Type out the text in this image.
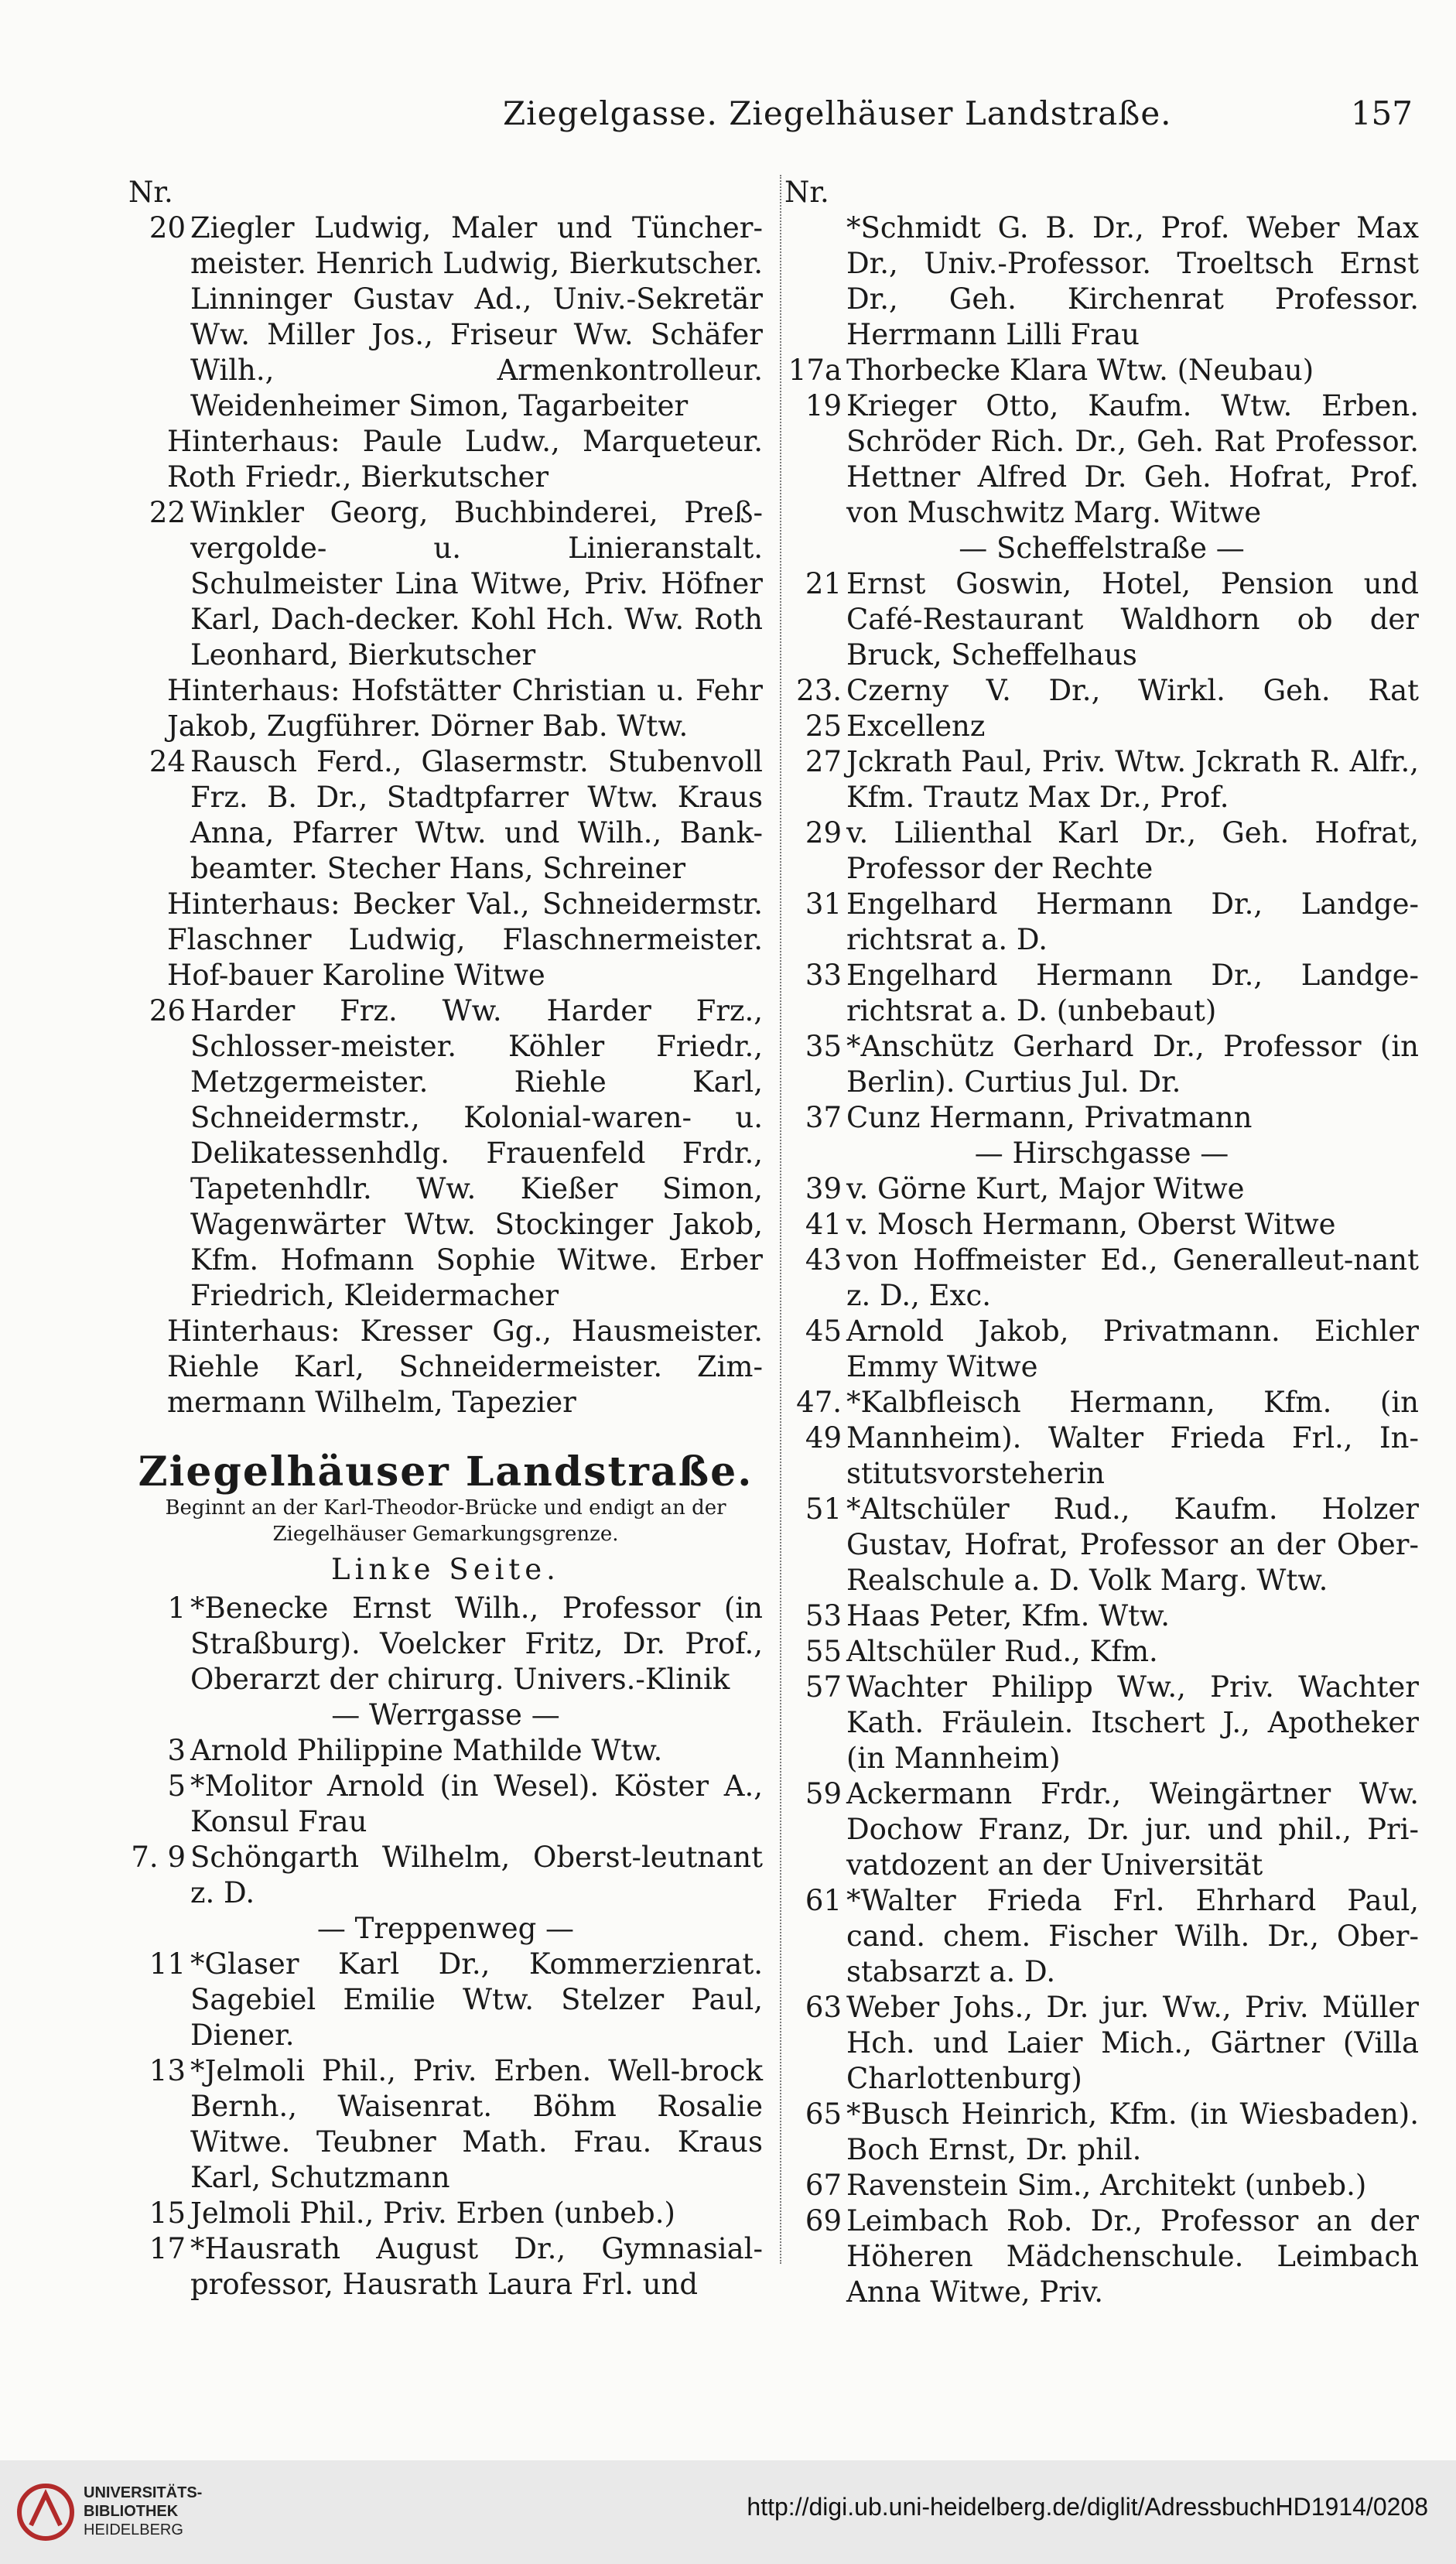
Ziegelgasse. Ziegelhäuser Landstraße.	157
Nr.
20 Ziegler Ludwig, Maler und Tüncher-meister. Henrich Ludwig, Bierkutscher. Linninger Gustav Ad., Univ.-Sekretär Ww. Miller Jos., Friseur Ww. Schäfer Wilh., Armenkontrolleur. Weidenheimer Simon, Tagarbeiter
Hinterhaus: Paule Ludw., Marqueteur. Roth Friedr., Bierkutscher
22 Winkler Georg, Buchbinderei, Preß-vergolde- u. Linieranstalt. Schulmeister Lina Witwe, Priv. Höfner Karl, Dach-decker. Kohl Hch. Ww. Roth Leonhard, Bierkutscher
Hinterhaus: Hofstätter Christian u. Fehr Jakob, Zugführer. Dörner Bab. Wtw.
24 Rausch Ferd., Glasermstr. Stubenvoll Frz. B. Dr., Stadtpfarrer Wtw. Kraus Anna, Pfarrer Wtw. und Wilh., Bank-beamter. Stecher Hans, Schreiner
Hinterhaus: Becker Val., Schneidermstr. Flaschner Ludwig, Flaschnermeister. Hof-bauer Karoline Witwe
26 Harder Frz. Ww. Harder Frz., Schlosser-meister. Köhler Friedr., Metzgermeister. Riehle Karl, Schneidermstr., Kolonial-waren- u. Delikatessenhdlg. Frauenfeld Frdr., Tapetenhdlr. Ww. Kießer Simon, Wagenwärter Wtw. Stockinger Jakob, Kfm. Hofmann Sophie Witwe. Erber Friedrich, Kleidermacher
Hinterhaus: Kresser Gg., Hausmeister. Riehle Karl, Schneidermeister. Zim-mermann Wilhelm, Tapezier
Ziegelhäuser Landstraße.
Beginnt an der Karl-Theodor-Brücke und endigt an der Ziegelhäuser Gemarkungsgrenze.
Linke Seite.
1 *Benecke Ernst Wilh., Professor (in Straßburg). Voelcker Fritz, Dr. Prof., Oberarzt der chirurg. Univers.-Klinik
— Werrgasse —
3 Arnold Philippine Mathilde Wtw.
5 *Molitor Arnold (in Wesel). Köster A., Konsul Frau
7. 9 Schöngarth Wilhelm, Oberst-leutnant z. D.
— Treppenweg —
11 *Glaser Karl Dr., Kommerzienrat. Sagebiel Emilie Wtw. Stelzer Paul, Diener.
13 *Jelmoli Phil., Priv. Erben. Well-brock Bernh., Waisenrat. Böhm Rosalie Witwe. Teubner Math. Frau. Kraus Karl, Schutzmann
15 Jelmoli Phil., Priv. Erben (unbeb.)
17 *Hausrath August Dr., Gymnasial-professor, Hausrath Laura Frl. und
Nr.
*Schmidt G. B. Dr., Prof. Weber Max Dr., Univ.-Professor. Troeltsch Ernst Dr., Geh. Kirchenrat Professor. Herrmann Lilli Frau
17a Thorbecke Klara Wtw. (Neubau)
19 Krieger Otto, Kaufm. Wtw. Erben. Schröder Rich. Dr., Geh. Rat Professor. Hettner Alfred Dr. Geh. Hofrat, Prof. von Muschwitz Marg. Witwe
— Scheffelstraße —
21 Ernst Goswin, Hotel, Pension und Café-Restaurant Waldhorn ob der Bruck, Scheffelhaus
23. 25
Czerny V. Dr., Wirkl. Geh. Rat Excellenz
27 Jckrath Paul, Priv. Wtw. Jckrath R. Alfr., Kfm. Trautz Max Dr., Prof.
29 v. Lilienthal Karl Dr., Geh. Hofrat, Professor der Rechte
31 Engelhard Hermann Dr., Landge-richtsrat a. D.
33 Engelhard Hermann Dr., Landge-richtsrat a. D. (unbebaut)
35 *Anschütz Gerhard Dr., Professor (in Berlin). Curtius Jul. Dr.
37 Cunz Hermann, Privatmann
— Hirschgasse —
39 v. Görne Kurt, Major Witwe
41 v. Mosch Hermann, Oberst Witwe
43 von Hoffmeister Ed., Generalleut-nant z. D., Exc.
45 Arnold Jakob, Privatmann. Eichler Emmy Witwe
47. 49
*Kalbfleisch Hermann, Kfm. (in Mannheim). Walter Frieda Frl., In-stitutsvorsteherin
51 *Altschüler Rud., Kaufm. Holzer Gustav, Hofrat, Professor an der Ober-Realschule a. D. Volk Marg. Wtw.
53 Haas Peter, Kfm. Wtw.
55 Altschüler Rud., Kfm.
57 Wachter Philipp Ww., Priv. Wachter Kath. Fräulein. Itschert J., Apotheker (in Mannheim)
59 Ackermann Frdr., Weingärtner Ww. Dochow Franz, Dr. jur. und phil., Pri-vatdozent an der Universität
61 *Walter Frieda Frl. Ehrhard Paul, cand. chem. Fischer Wilh. Dr., Ober-stabsarzt a. D.
63 Weber Johs., Dr. jur. Ww., Priv. Müller Hch. und Laier Mich., Gärtner (Villa Charlottenburg)
65 *Busch Heinrich, Kfm. (in Wiesbaden). Boch Ernst, Dr. phil.
67 Ravenstein Sim., Architekt (unbeb.)
69 Leimbach Rob. Dr., Professor an der Höheren Mädchenschule. Leimbach Anna Witwe, Priv.
UNIVERSITÄTS-
BIBLIOTHEK
HEIDELBERG
http://digi.ub.uni-heidelberg.de/diglit/AdressbuchHD1914/0208
